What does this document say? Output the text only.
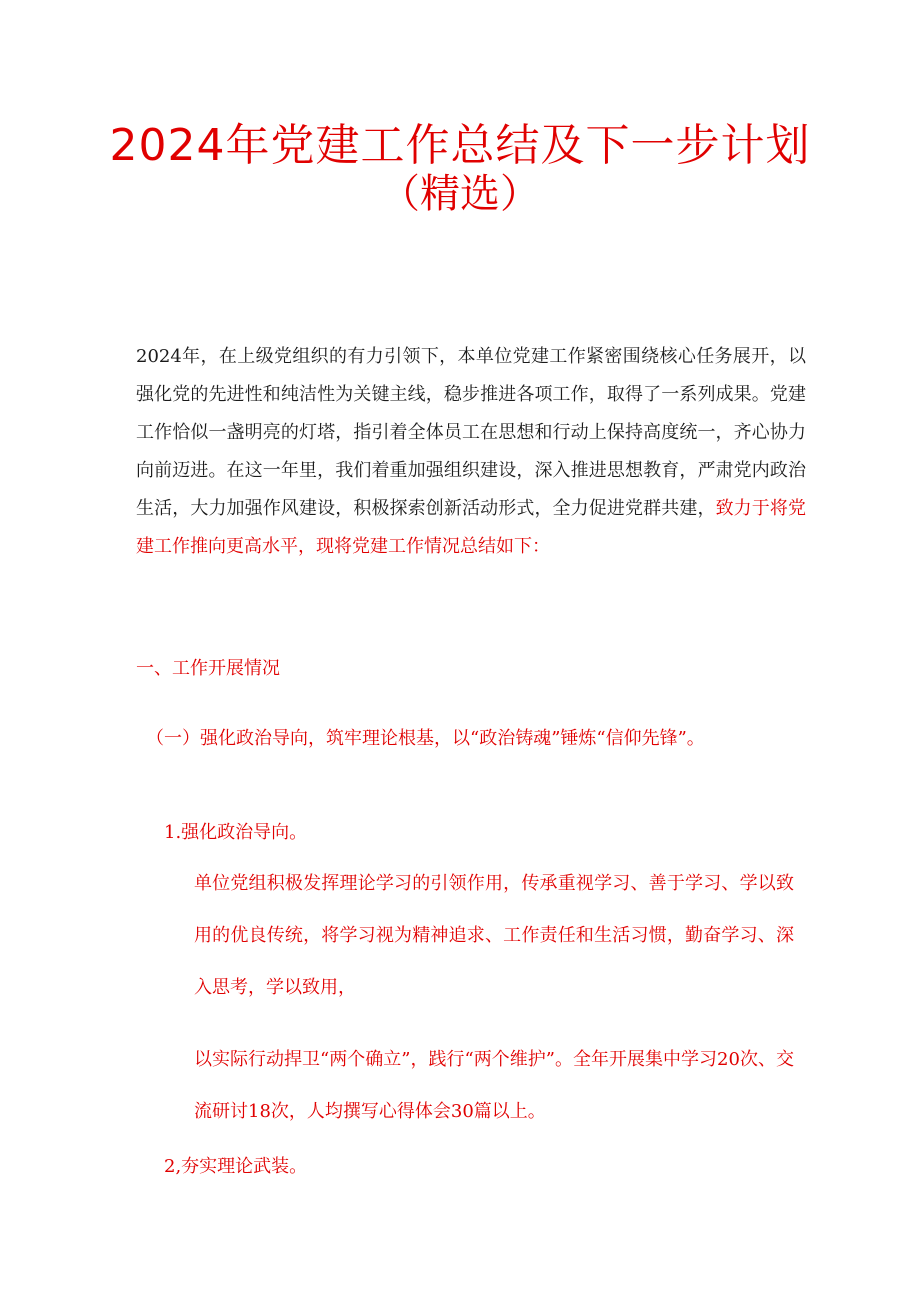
2024年党建工作总结及下一步计划
（精选）

2024年，在上级党组织的有力引领下，本单位党建工作紧密围绕核心任务展开，以强化党的先进性和纯洁性为关键主线，稳步推进各项工作，取得了一系列成果。党建工作恰似一盏明亮的灯塔，指引着全体员工在思想和行动上保持高度统一，齐心协力向前迈进。在这一年里，我们着重加强组织建设，深入推进思想教育，严肃党内政治生活，大力加强作风建设，积极探索创新活动形式，全力促进党群共建，致力于将党建工作推向更高水平，现将党建工作情况总结如下：

一、工作开展情况
（一）强化政治导向，筑牢理论根基，以“政治铸魂”锤炼“信仰先锋”。
1.强化政治导向。

单位党组积极发挥理论学习的引领作用，传承重视学习、善于学习、学以致用的优良传统，将学习视为精神追求、工作责任和生活习惯，勤奋学习、深入思考，学以致用，

以实际行动捍卫“两个确立”，践行“两个维护”。全年开展集中学习20次、交流研讨18次，人均撰写心得体会30篇以上。

2,夯实理论武装。
